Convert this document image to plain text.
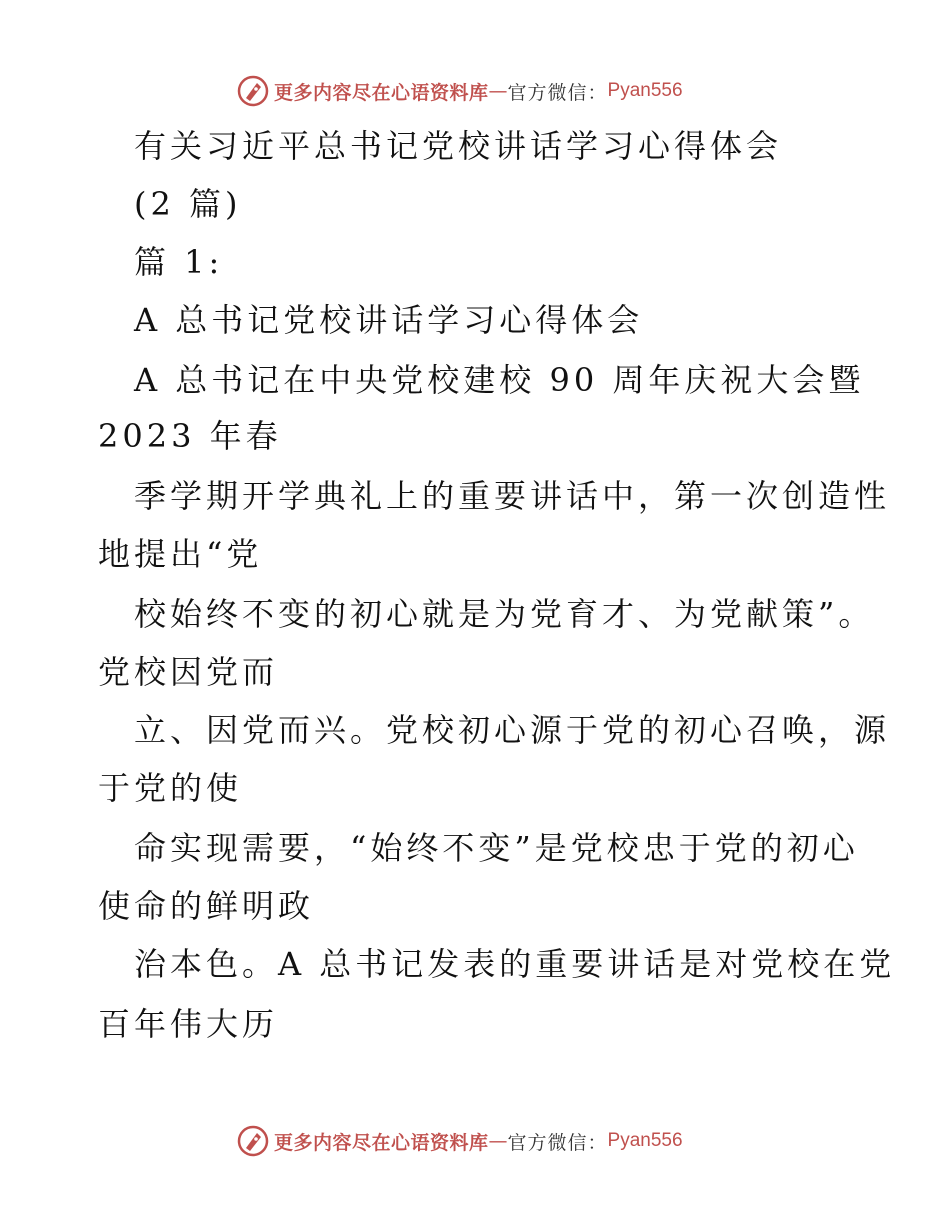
更多内容尽在心语资料库 — 官方微信： Pyan556
有关习近平总书记党校讲话学习心得体会
(2 篇)
篇 1:
A 总书记党校讲话学习心得体会
A 总书记在中央党校建校 90 周年庆祝大会暨
2023 年春
季学期开学典礼上的重要讲话中，第一次创造性
地提出“党
校始终不变的初心就是为党育才、为党献策”。
党校因党而
立、因党而兴。党校初心源于党的初心召唤，源
于党的使
命实现需要，“始终不变”是党校忠于党的初心
使命的鲜明政
治本色。A 总书记发表的重要讲话是对党校在党
百年伟大历
更多内容尽在心语资料库 — 官方微信： Pyan556
